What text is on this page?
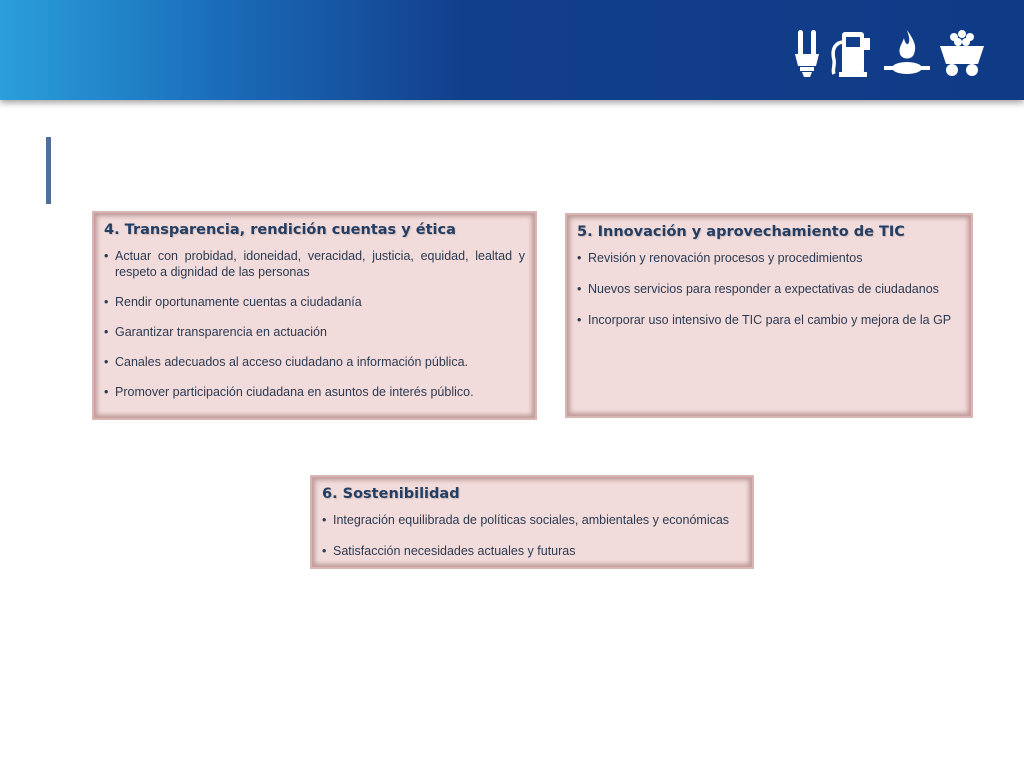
4. Transparencia, rendición cuentas y ética
• Actuar con probidad, idoneidad, veracidad, justicia, equidad, lealtad y respeto a dignidad de las personas
• Rendir oportunamente cuentas a ciudadanía
• Garantizar transparencia en actuación
• Canales adecuados al acceso ciudadano a información pública.
• Promover participación ciudadana en asuntos de interés público.
5. Innovación y aprovechamiento de TIC
• Revisión y renovación procesos y procedimientos
• Nuevos servicios para responder a expectativas de ciudadanos
• Incorporar uso intensivo de TIC para el cambio y mejora de la GP
6. Sostenibilidad
• Integración equilibrada de políticas sociales, ambientales y económicas
• Satisfacción necesidades actuales y futuras
